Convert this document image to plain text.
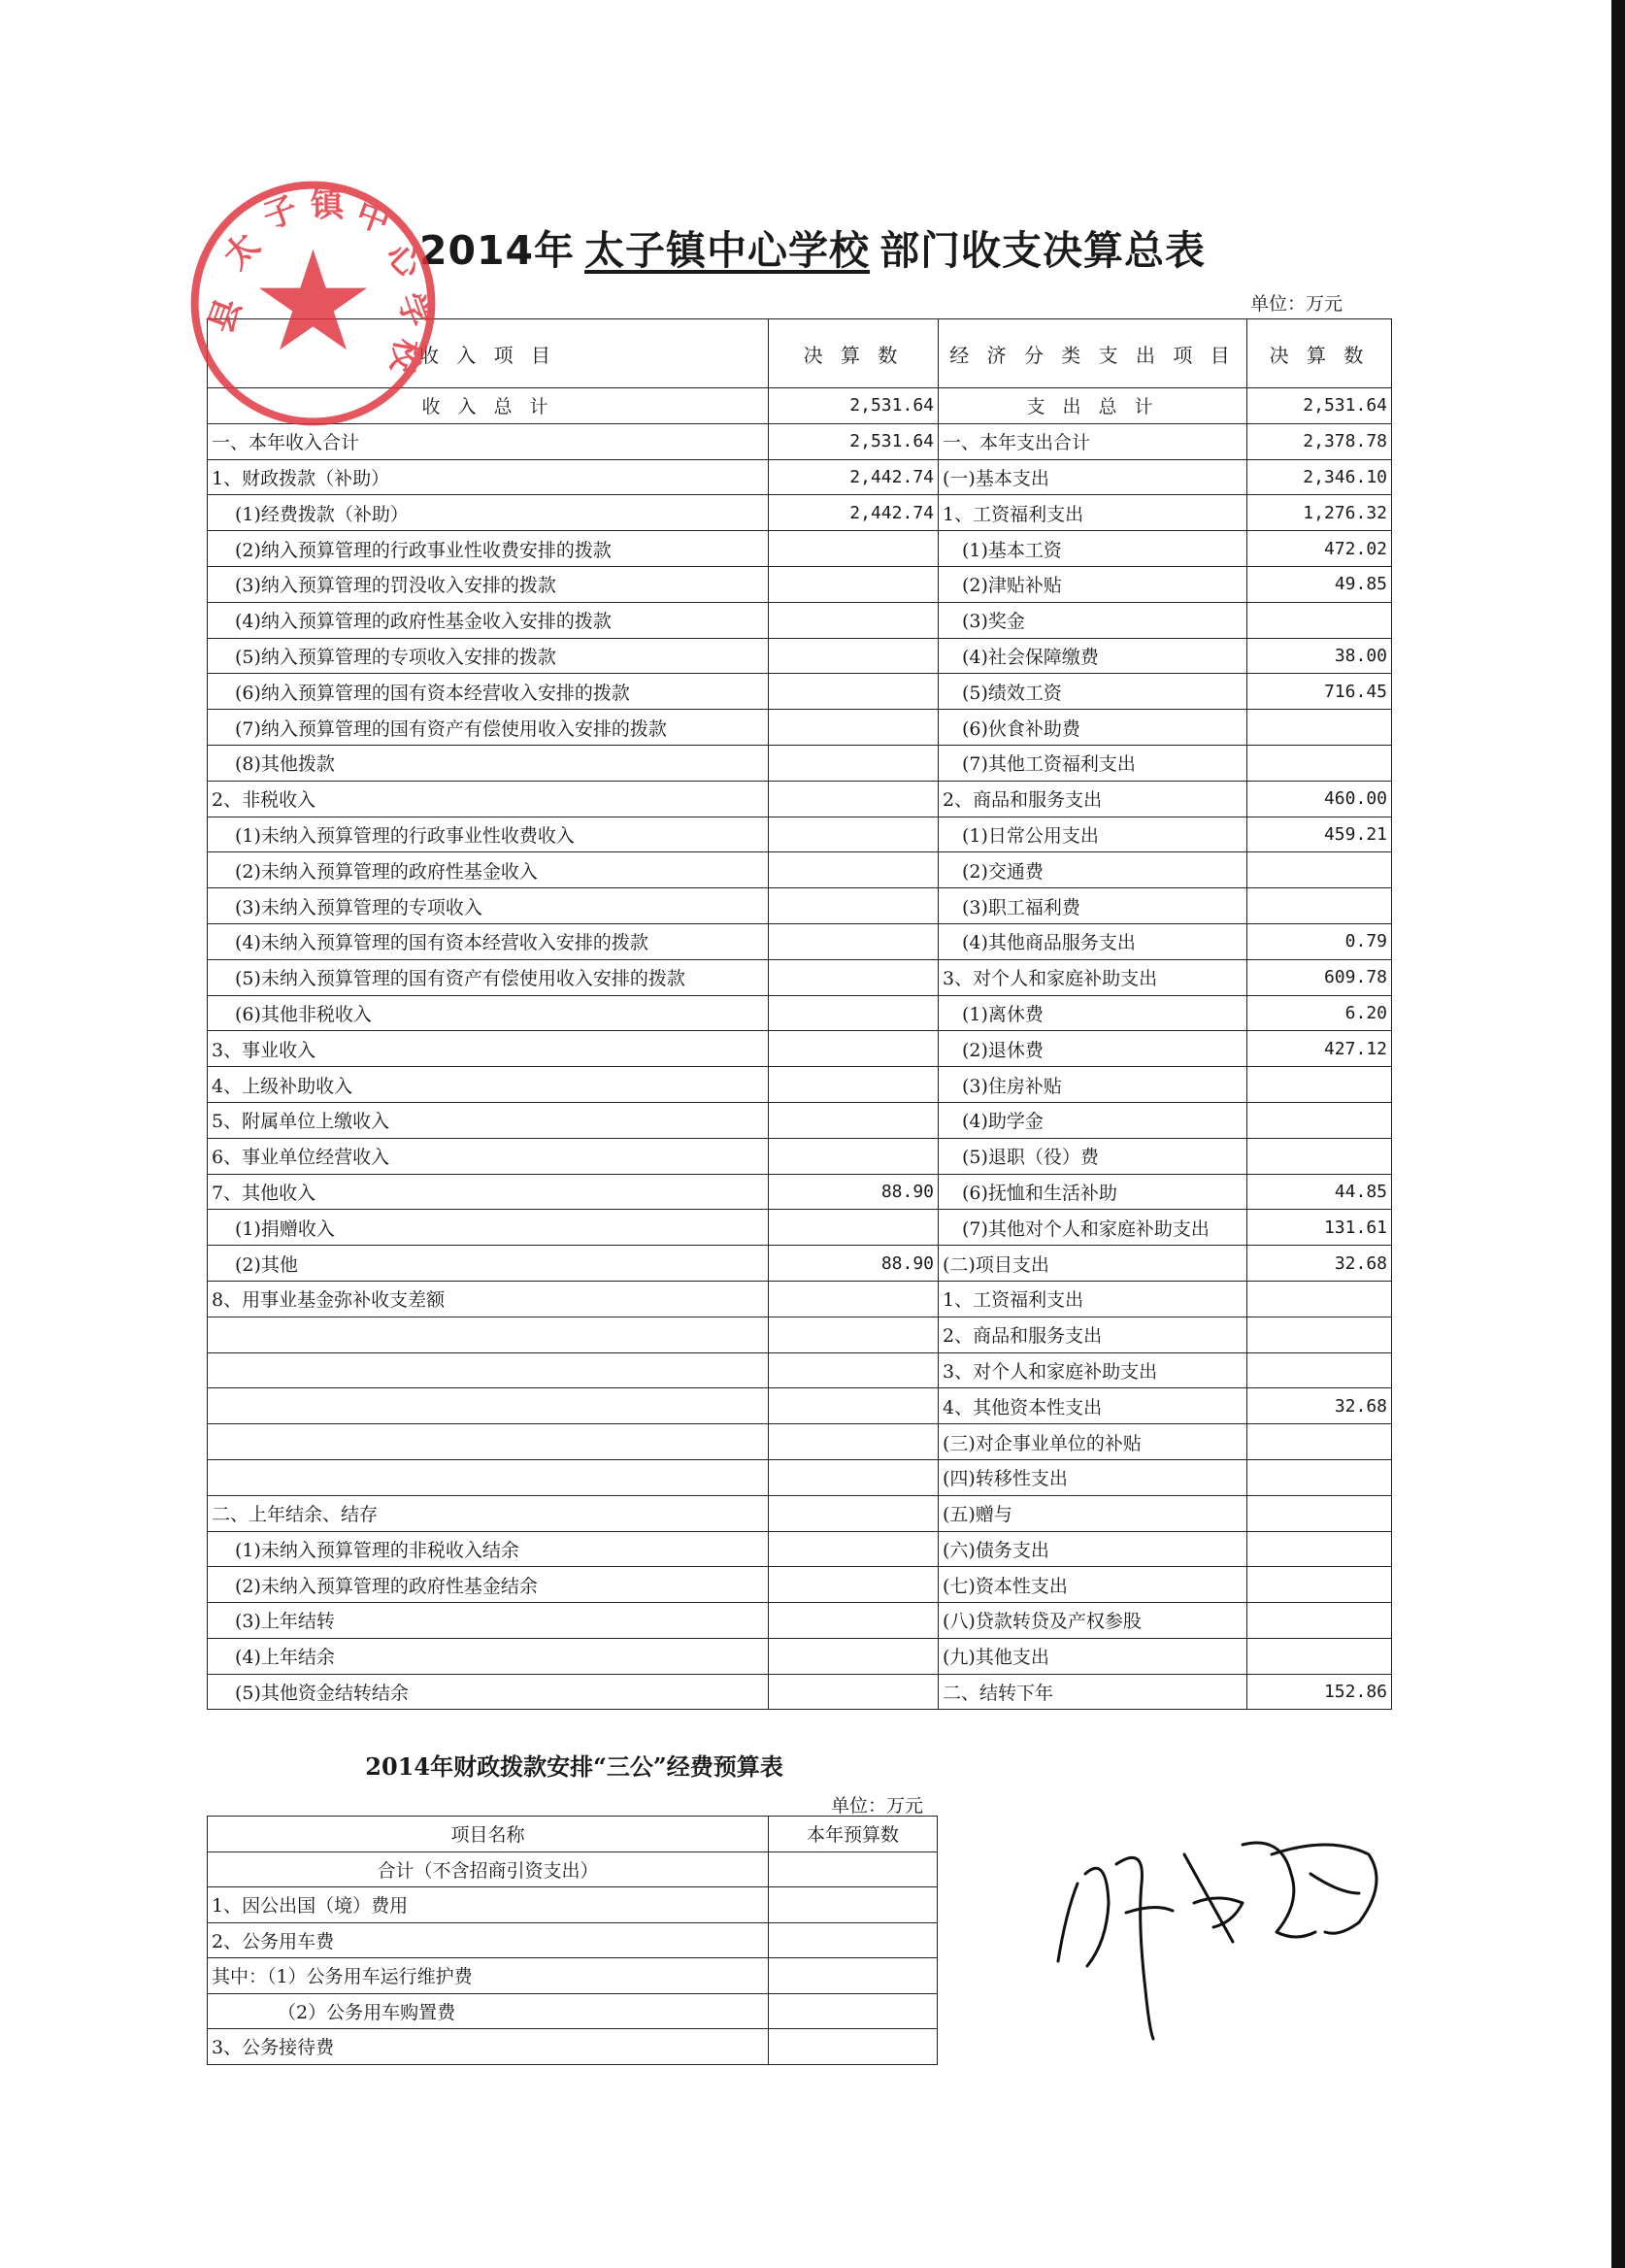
2014年 太子镇中心学校 部门收支决算总表
单位：万元
收 入 项 目	决 算 数	经 济 分 类 支 出 项 目	决 算 数
收 入 总 计	2,531.64	支 出 总 计	2,531.64
一、本年收入合计	2,531.64	一、本年支出合计	2,378.78
1、财政拨款（补助）	2,442.74	(一)基本支出	2,346.10
(1)经费拨款（补助）	2,442.74	1、工资福利支出	1,276.32
(2)纳入预算管理的行政事业性收费安排的拨款		(1)基本工资	472.02
(3)纳入预算管理的罚没收入安排的拨款		(2)津贴补贴	49.85
(4)纳入预算管理的政府性基金收入安排的拨款		(3)奖金	
(5)纳入预算管理的专项收入安排的拨款		(4)社会保障缴费	38.00
(6)纳入预算管理的国有资本经营收入安排的拨款		(5)绩效工资	716.45
(7)纳入预算管理的国有资产有偿使用收入安排的拨款		(6)伙食补助费	
(8)其他拨款		(7)其他工资福利支出	
2、非税收入		2、商品和服务支出	460.00
(1)未纳入预算管理的行政事业性收费收入		(1)日常公用支出	459.21
(2)未纳入预算管理的政府性基金收入		(2)交通费	
(3)未纳入预算管理的专项收入		(3)职工福利费	
(4)未纳入预算管理的国有资本经营收入安排的拨款		(4)其他商品服务支出	0.79
(5)未纳入预算管理的国有资产有偿使用收入安排的拨款		3、对个人和家庭补助支出	609.78
(6)其他非税收入		(1)离休费	6.20
3、事业收入		(2)退休费	427.12
4、上级补助收入		(3)住房补贴	
5、附属单位上缴收入		(4)助学金	
6、事业单位经营收入		(5)退职（役）费	
7、其他收入	88.90	(6)抚恤和生活补助	44.85
(1)捐赠收入		(7)其他对个人和家庭补助支出	131.61
(2)其他	88.90	(二)项目支出	32.68
8、用事业基金弥补收支差额		1、工资福利支出	
		2、商品和服务支出	
		3、对个人和家庭补助支出	
		4、其他资本性支出	32.68
		(三)对企事业单位的补贴	
		(四)转移性支出	
二、上年结余、结存		(五)赠与	
(1)未纳入预算管理的非税收入结余		(六)债务支出	
(2)未纳入预算管理的政府性基金结余		(七)资本性支出	
(3)上年结转		(八)贷款转贷及产权参股	
(4)上年结余		(九)其他支出	
(5)其他资金结转结余		二、结转下年	152.86
2014年财政拨款安排“三公”经费预算表
单位：万元
项目名称	本年预算数
合计（不含招商引资支出）	
1、因公出国（境）费用	
2、公务用车费	
其中：（1）公务用车运行维护费	
（2）公务用车购置费	
3、公务接待费	
县
太
子 镇 中
心
学
校
